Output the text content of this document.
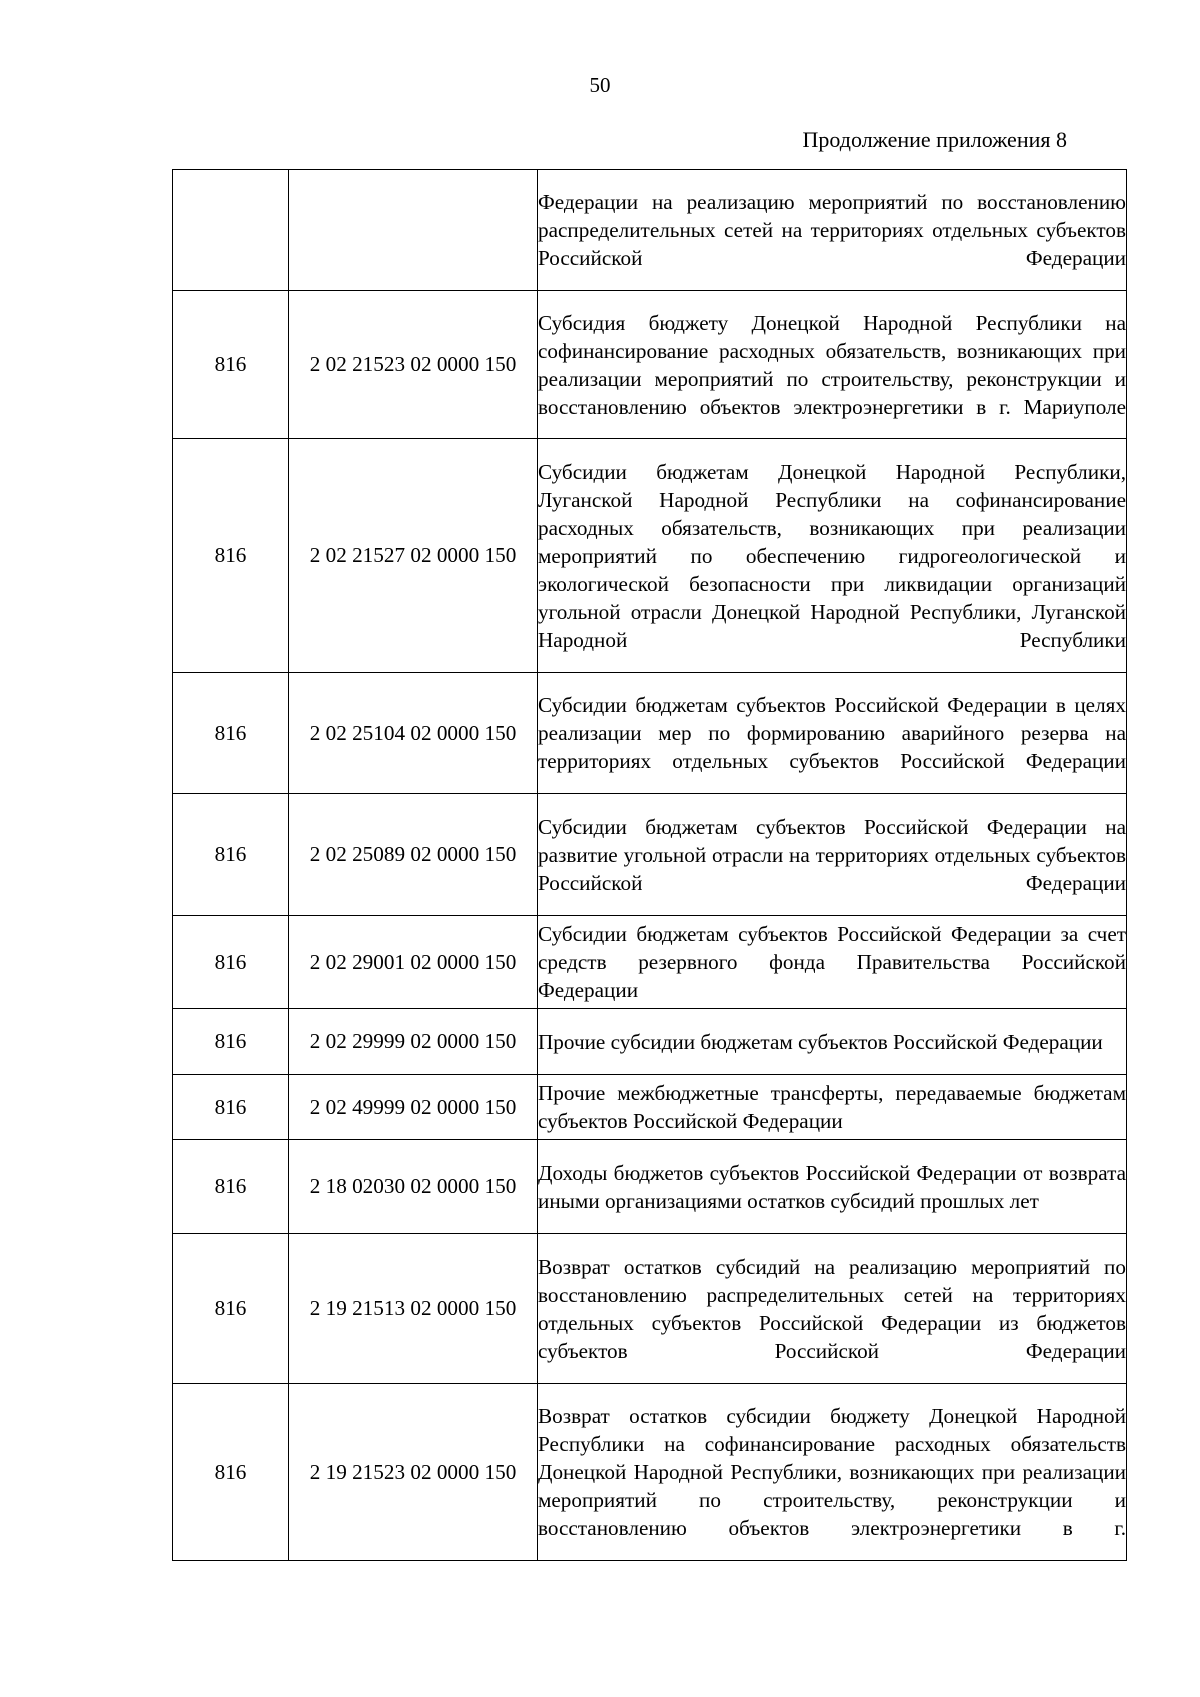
50
Продолжение приложения 8
		Федерации на реализацию мероприятий по восстановлению распределительных сетей на территориях отдельных субъектов Российской Федерации
816	2 02 21523 02 0000 150	Субсидия бюджету Донецкой Народной Республики на софинансирование расходных обязательств, возникающих при реализации мероприятий по строительству, реконструкции и восстановлению объектов электроэнергетики в г. Мариуполе
816	2 02 21527 02 0000 150	Субсидии бюджетам Донецкой Народной Республики, Луганской Народной Республики на софинансирование расходных обязательств, возникающих при реализации мероприятий по обеспечению гидрогеологической и экологической безопасности при ликвидации организаций угольной отрасли Донецкой Народной Республики, Луганской Народной Республики
816	2 02 25104 02 0000 150	Субсидии бюджетам субъектов Российской Федерации в целях реализации мер по формированию аварийного резерва на территориях отдельных субъектов Российской Федерации
816	2 02 25089 02 0000 150	Субсидии бюджетам субъектов Российской Федерации на развитие угольной отрасли на территориях отдельных субъектов Российской Федерации
816	2 02 29001 02 0000 150	Субсидии бюджетам субъектов Российской Федерации за счет средств резервного фонда Правительства Российской Федерации
816	2 02 29999 02 0000 150	Прочие субсидии бюджетам субъектов Российской Федерации
816	2 02 49999 02 0000 150	Прочие межбюджетные трансферты, передаваемые бюджетам субъектов Российской Федерации
816	2 18 02030 02 0000 150	Доходы бюджетов субъектов Российской Федерации от возврата иными организациями остатков субсидий прошлых лет
816	2 19 21513 02 0000 150	Возврат остатков субсидий на реализацию мероприятий по восстановлению распределительных сетей на территориях отдельных субъектов Российской Федерации из бюджетов субъектов Российской Федерации
816	2 19 21523 02 0000 150	Возврат остатков субсидии бюджету Донецкой Народной Республики на софинансирование расходных обязательств Донецкой Народной Республики, возникающих при реализации мероприятий по строительству, реконструкции и восстановлению объектов электроэнергетики в г.
